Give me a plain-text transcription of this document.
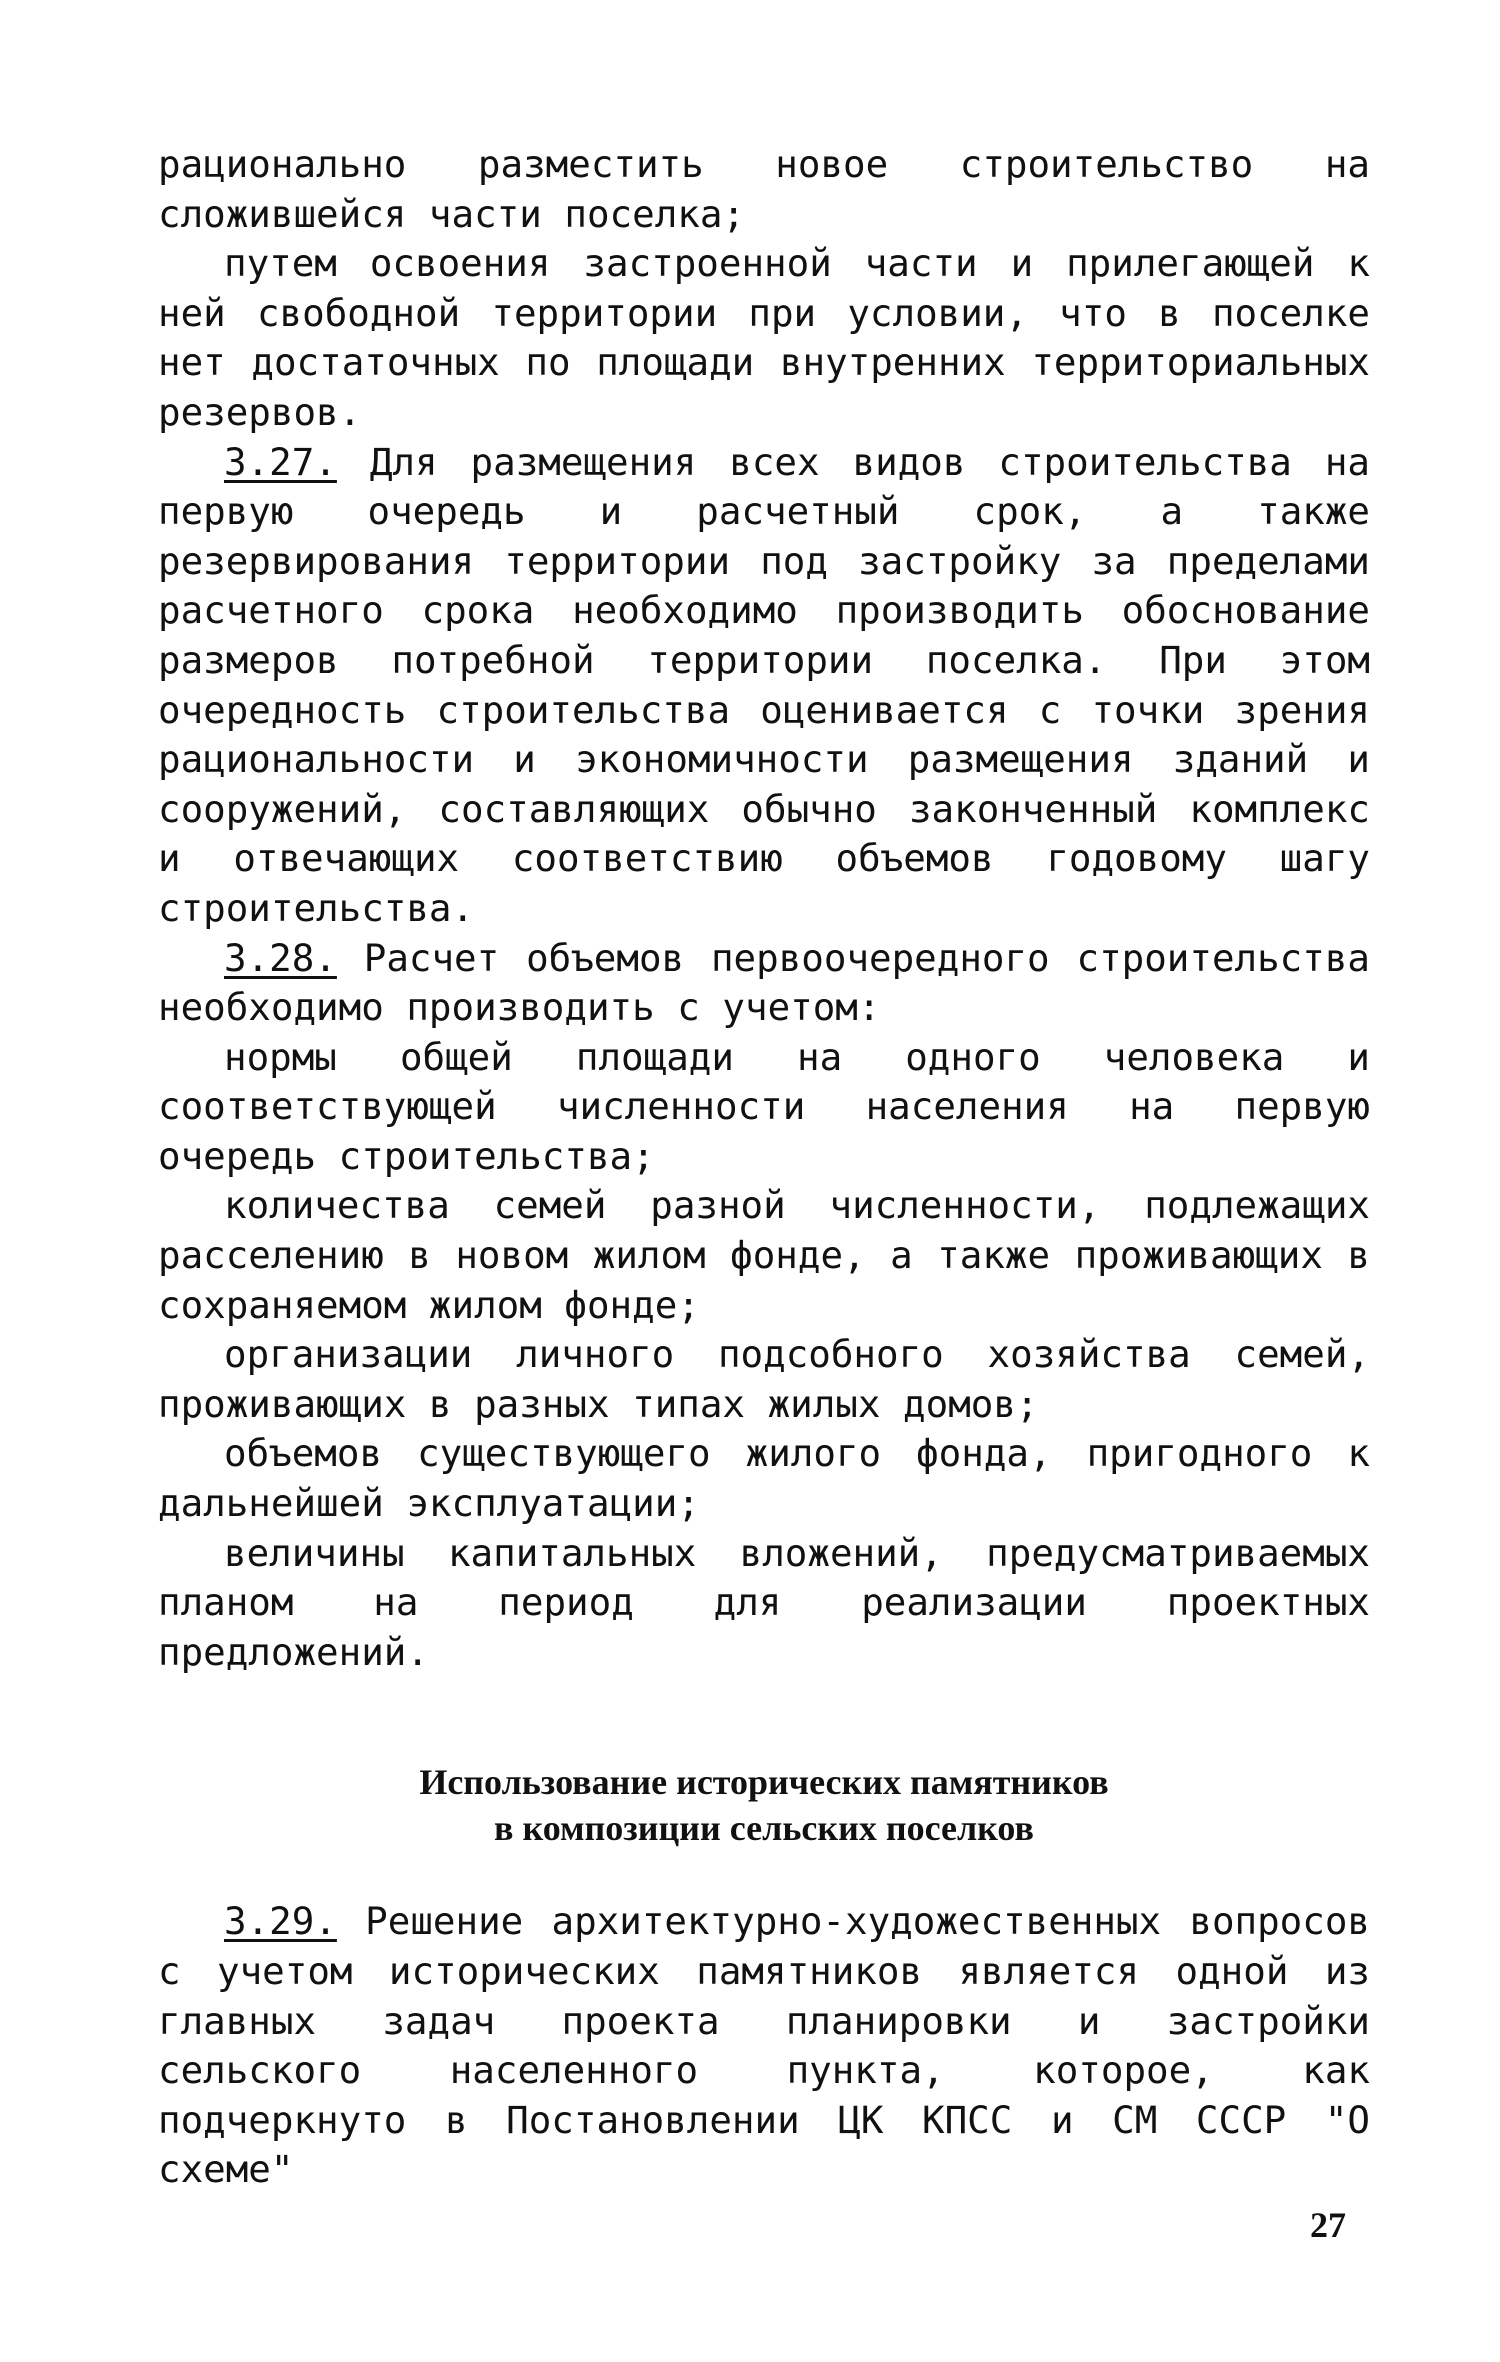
рационально разместить новое строительство на сложившейся части поселка;

путем освоения застроенной части и прилегающей к ней свободной территории при условии, что в поселке нет достаточных по площади внутренних территориальных резервов.

3.27. Для размещения всех видов строительства на первую очередь и расчетный срок, а также резервирования территории под застройку за пределами расчетного срока необходимо производить обоснование размеров потребной территории поселка. При этом очередность строительства оценивается с точки зрения рациональности и экономичности размещения зданий и сооружений, составляющих обычно законченный комплекс и отвечающих соответствию объемов годовому шагу строительства.

3.28. Расчет объемов первоочередного строительства необходимо производить с учетом:

нормы общей площади на одного человека и соответствующей численности населения на первую очередь строительства;

количества семей разной численности, подлежащих расселению в новом жилом фонде, а также проживающих в сохраняемом жилом фонде;

организации личного подсобного хозяйства семей, проживающих в разных типах жилых домов;

объемов существующего жилого фонда, пригодного к дальнейшей эксплуатации;

величины капитальных вложений, предусматриваемых планом на период для реализации проектных предложений.

Использование исторических памятников
в композиции сельских поселков

3.29. Решение архитектурно-художественных вопросов с учетом исторических памятников является одной из главных задач проекта планировки и застройки сельского населенного пункта, которое, как подчеркнуто в Постановлении ЦК КПСС и СМ СССР "О схеме"

27
